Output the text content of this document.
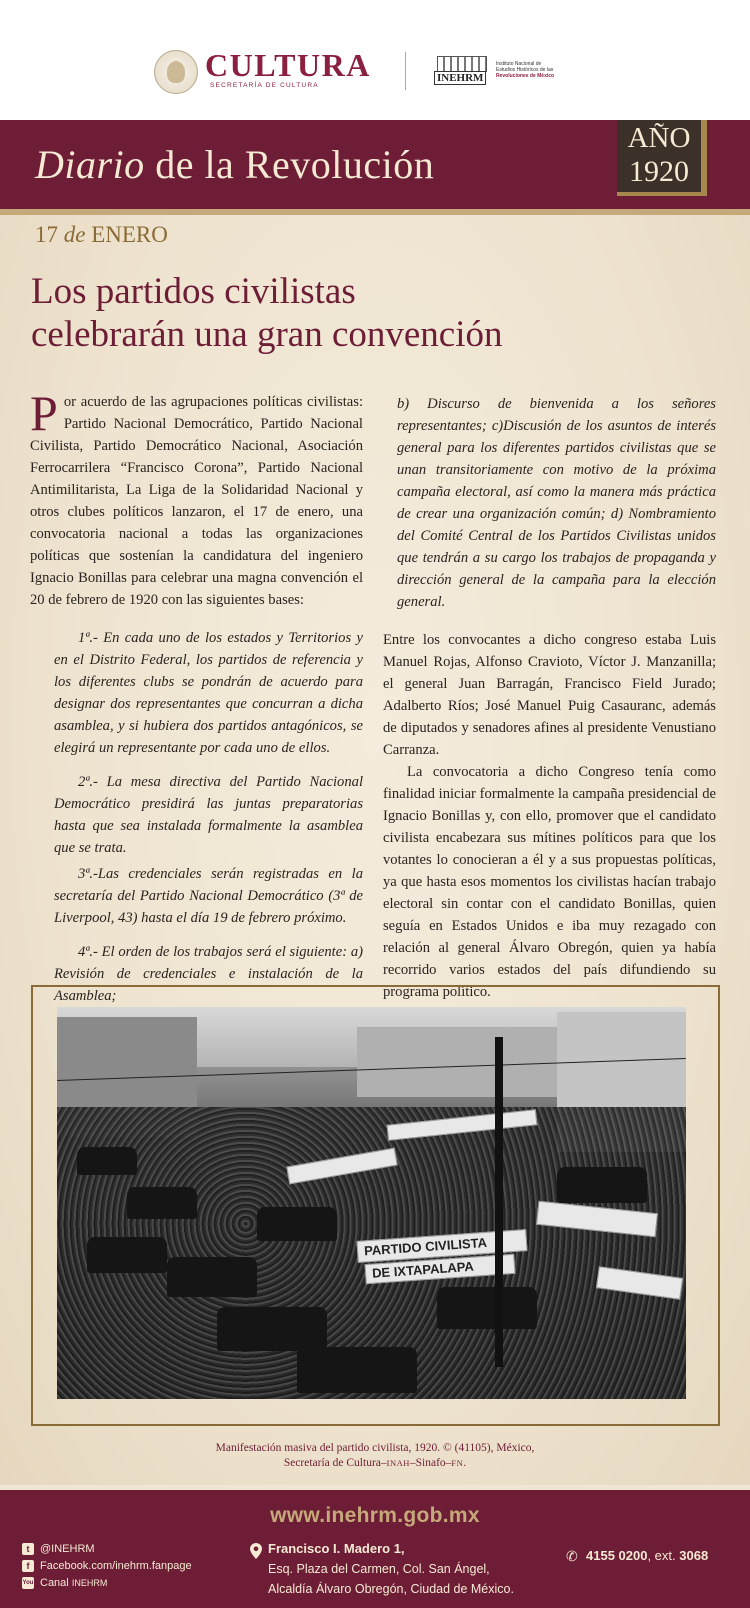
CULTURA
SECRETARÍA DE CULTURA
INEHRM
Instituto Nacional de
Estudios Históricos de las
Revoluciones de México
Diario de la Revolución
AÑO
1920
17 de ENERO
Los partidos civilistas
celebrarán una gran convención

Por acuerdo de las agrupaciones políticas civilistas: Partido Nacional Democrático, Partido Nacional Civilista, Partido Democrático Nacional, Asociación Ferrocarrilera “Francisco Corona”, Partido Nacional Antimilitarista, La Liga de la Solidaridad Nacional y otros clubes políticos lanzaron, el 17 de enero, una convocatoria nacional a todas las organizaciones políticas que sostenían la candidatura del ingeniero Ignacio Bonillas para celebrar una magna convención el 20 de febrero de 1920 con las siguientes bases:

1ª.- En cada uno de los estados y Territorios y en el Distrito Federal, los partidos de referencia y los diferentes clubs se pondrán de acuerdo para designar dos representantes que concurran a dicha asamblea, y si hubiera dos partidos antagónicos, se elegirá un representante por cada uno de ellos.

2ª.- La mesa directiva del Partido Nacional Democrático presidirá las juntas preparatorias hasta que sea instalada formalmente la asamblea que se trata.

3ª.-Las credenciales serán registradas en la secretaría del Partido Nacional Democrático (3ª de Liverpool, 43) hasta el día 19 de febrero próximo.

4ª.- El orden de los trabajos será el siguiente: a) Revisión de credenciales e instalación de la Asamblea;

b) Discurso de bienvenida a los señores representantes; c)Discusión de los asuntos de interés general para los diferentes partidos civilistas que se unan transitoriamente con motivo de la próxima campaña electoral, así como la manera más práctica de crear una organización común; d) Nombramiento del Comité Central de los Partidos Civilistas unidos que tendrán a su cargo los trabajos de propaganda y dirección general de la campaña para la elección general.

Entre los convocantes a dicho congreso estaba Luis Manuel Rojas, Alfonso Cravioto, Víctor J. Manzanilla; el general Juan Barragán, Francisco Field Jurado; Adalberto Ríos; José Manuel Puig Casauranc, además de diputados y senadores afines al presidente Venustiano Carranza.

La convocatoria a dicho Congreso tenía como finalidad iniciar formalmente la campaña presidencial de Ignacio Bonillas y, con ello, promover que el candidato civilista encabezara sus mítines políticos para que los votantes lo conocieran a él y a sus propuestas políticas, ya que hasta esos momentos los civilistas hacían trabajo electoral sin contar con el candidato Bonillas, quien seguía en Estados Unidos e iba muy rezagado con relación al general Álvaro Obregón, quien ya había recorrido varios estados del país difundiendo su programa político.

PARTIDO CIVILISTA
DE IXTAPALAPA
Manifestación masiva del partido civilista, 1920. © (41105), México,
Secretaría de Cultura–INAH–Sinafo–FN.
www.inehrm.gob.mx
t @INEHRM
f Facebook.com/inehrm.fanpage
You Canal
INEHRM
Francisco I. Madero 1,
Esq. Plaza del Carmen, Col. San Ángel,
Alcaldía Álvaro Obregón, Ciudad de México.
✆ 4155 0200, ext. 3068
